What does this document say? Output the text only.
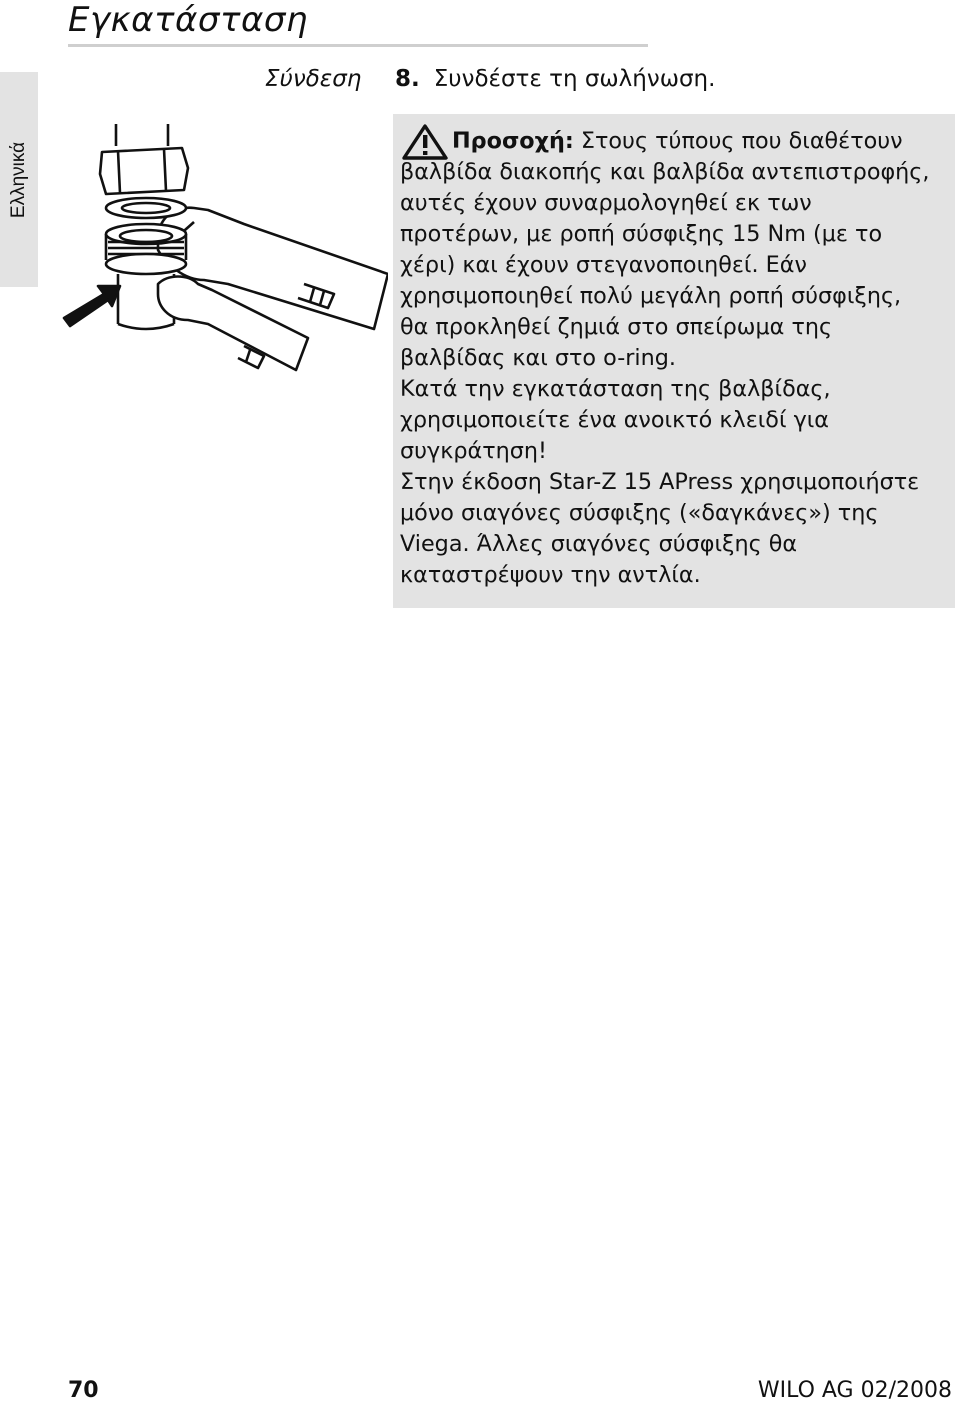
Εγκατάσταση
Ελληνικά
Σύνδεση 8. Συνδέστε τη σωλήνωση.

Προσοχή: Στους τύπους που διαθέτουν
βαλβίδα διακοπής και βαλβίδα αντεπιστροφής,
αυτές έχουν συναρμολογηθεί εκ των
προτέρων, με ροπή σύσφιξης 15 Nm (με το
χέρι) και έχουν στεγανοποιηθεί. Εάν
χρησιμοποιηθεί πολύ μεγάλη ροπή σύσφιξης,
θα προκληθεί ζημιά στο σπείρωμα της
βαλβίδας και στο o-ring.
Κατά την εγκατάσταση της βαλβίδας,
χρησιμοποιείτε ένα ανοικτό κλειδί για
συγκράτηση!
Στην έκδοση Star-Z 15 APress χρησιμοποιήστε
μόνο σιαγόνες σύσφιξης («δαγκάνες») της
Viega. Άλλες σιαγόνες σύσφιξης θα
καταστρέψουν την αντλία.

70	WILO AG 02/2008
